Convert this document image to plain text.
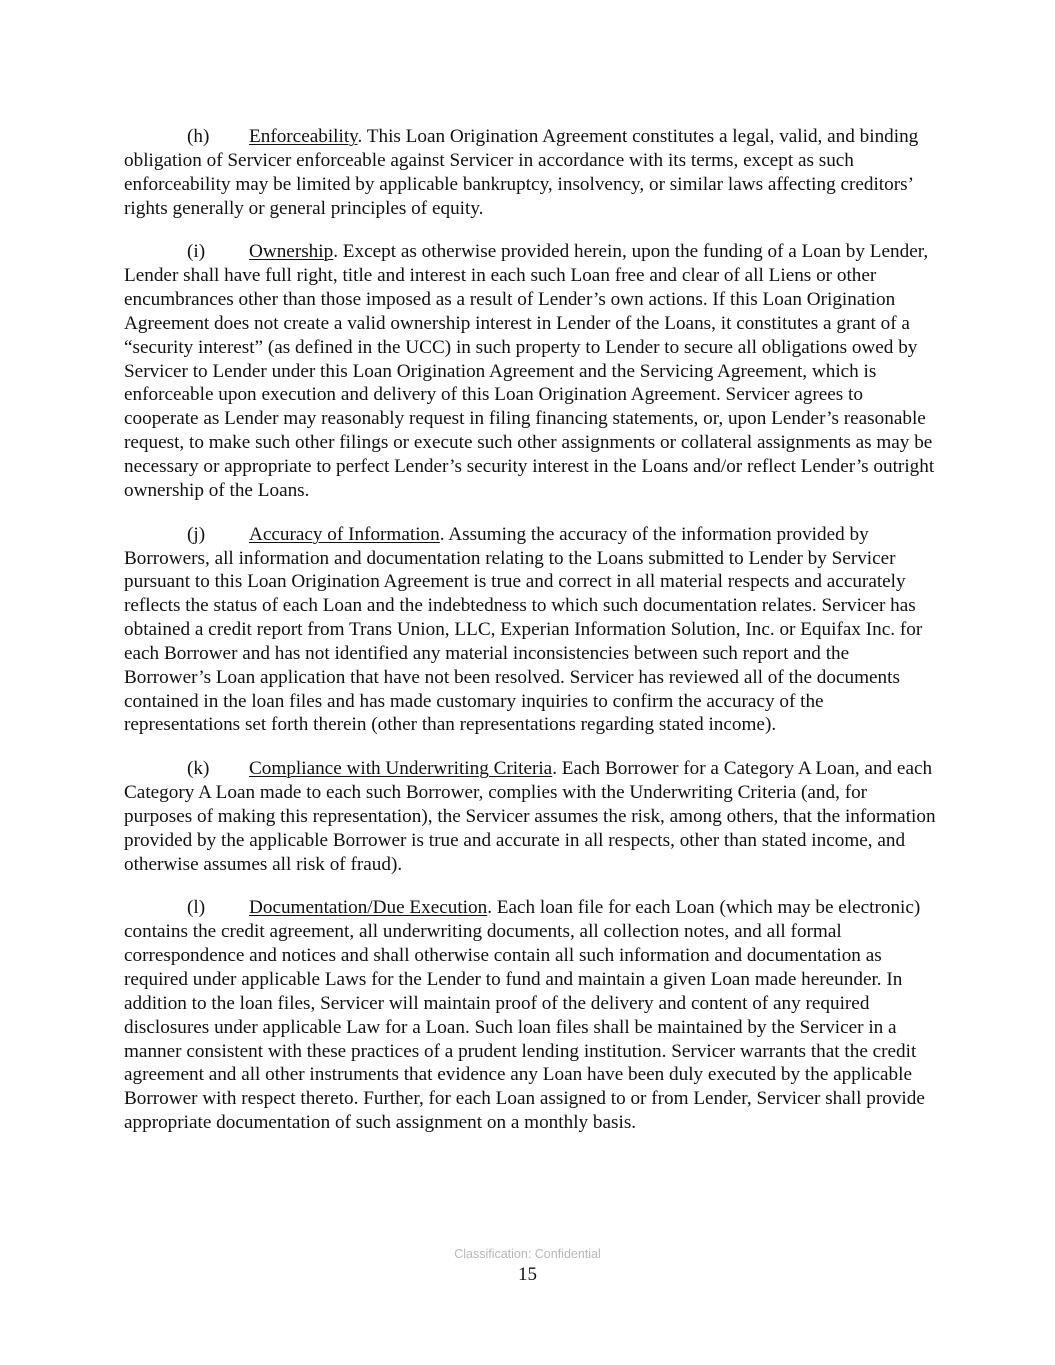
(h) Enforceability. This Loan Origination Agreement constitutes a legal, valid, and binding obligation of Servicer enforceable against Servicer in accordance with its terms, except as such enforceability may be limited by applicable bankruptcy, insolvency, or similar laws affecting creditors’ rights generally or general principles of equity.

(i) Ownership. Except as otherwise provided herein, upon the funding of a Loan by Lender, Lender shall have full right, title and interest in each such Loan free and clear of all Liens or other encumbrances other than those imposed as a result of Lender’s own actions. If this Loan Origination Agreement does not create a valid ownership interest in Lender of the Loans, it constitutes a grant of a “security interest” (as defined in the UCC) in such property to Lender to secure all obligations owed by Servicer to Lender under this Loan Origination Agreement and the Servicing Agreement, which is enforceable upon execution and delivery of this Loan Origination Agreement. Servicer agrees to cooperate as Lender may reasonably request in filing financing statements, or, upon Lender’s reasonable request, to make such other filings or execute such other assignments or collateral assignments as may be necessary or appropriate to perfect Lender’s security interest in the Loans and/or reflect Lender’s outright ownership of the Loans.

(j) Accuracy of Information. Assuming the accuracy of the information provided by Borrowers, all information and documentation relating to the Loans submitted to Lender by Servicer pursuant to this Loan Origination Agreement is true and correct in all material respects and accurately reflects the status of each Loan and the indebtedness to which such documentation relates. Servicer has obtained a credit report from Trans Union, LLC, Experian Information Solution, Inc. or Equifax Inc. for each Borrower and has not identified any material inconsistencies between such report and the Borrower’s Loan application that have not been resolved. Servicer has reviewed all of the documents contained in the loan files and has made customary inquiries to confirm the accuracy of the representations set forth therein (other than representations regarding stated income).

(k) Compliance with Underwriting Criteria. Each Borrower for a Category A Loan, and each Category A Loan made to each such Borrower, complies with the Underwriting Criteria (and, for purposes of making this representation), the Servicer assumes the risk, among others, that the information provided by the applicable Borrower is true and accurate in all respects, other than stated income, and otherwise assumes all risk of fraud).

(l) Documentation/Due Execution. Each loan file for each Loan (which may be electronic) contains the credit agreement, all underwriting documents, all collection notes, and all formal correspondence and notices and shall otherwise contain all such information and documentation as required under applicable Laws for the Lender to fund and maintain a given Loan made hereunder. In addition to the loan files, Servicer will maintain proof of the delivery and content of any required disclosures under applicable Law for a Loan. Such loan files shall be maintained by the Servicer in a manner consistent with these practices of a prudent lending institution. Servicer warrants that the credit agreement and all other instruments that evidence any Loan have been duly executed by the applicable Borrower with respect thereto. Further, for each Loan assigned to or from Lender, Servicer shall provide appropriate documentation of such assignment on a monthly basis.

Classification: Confidential
15
